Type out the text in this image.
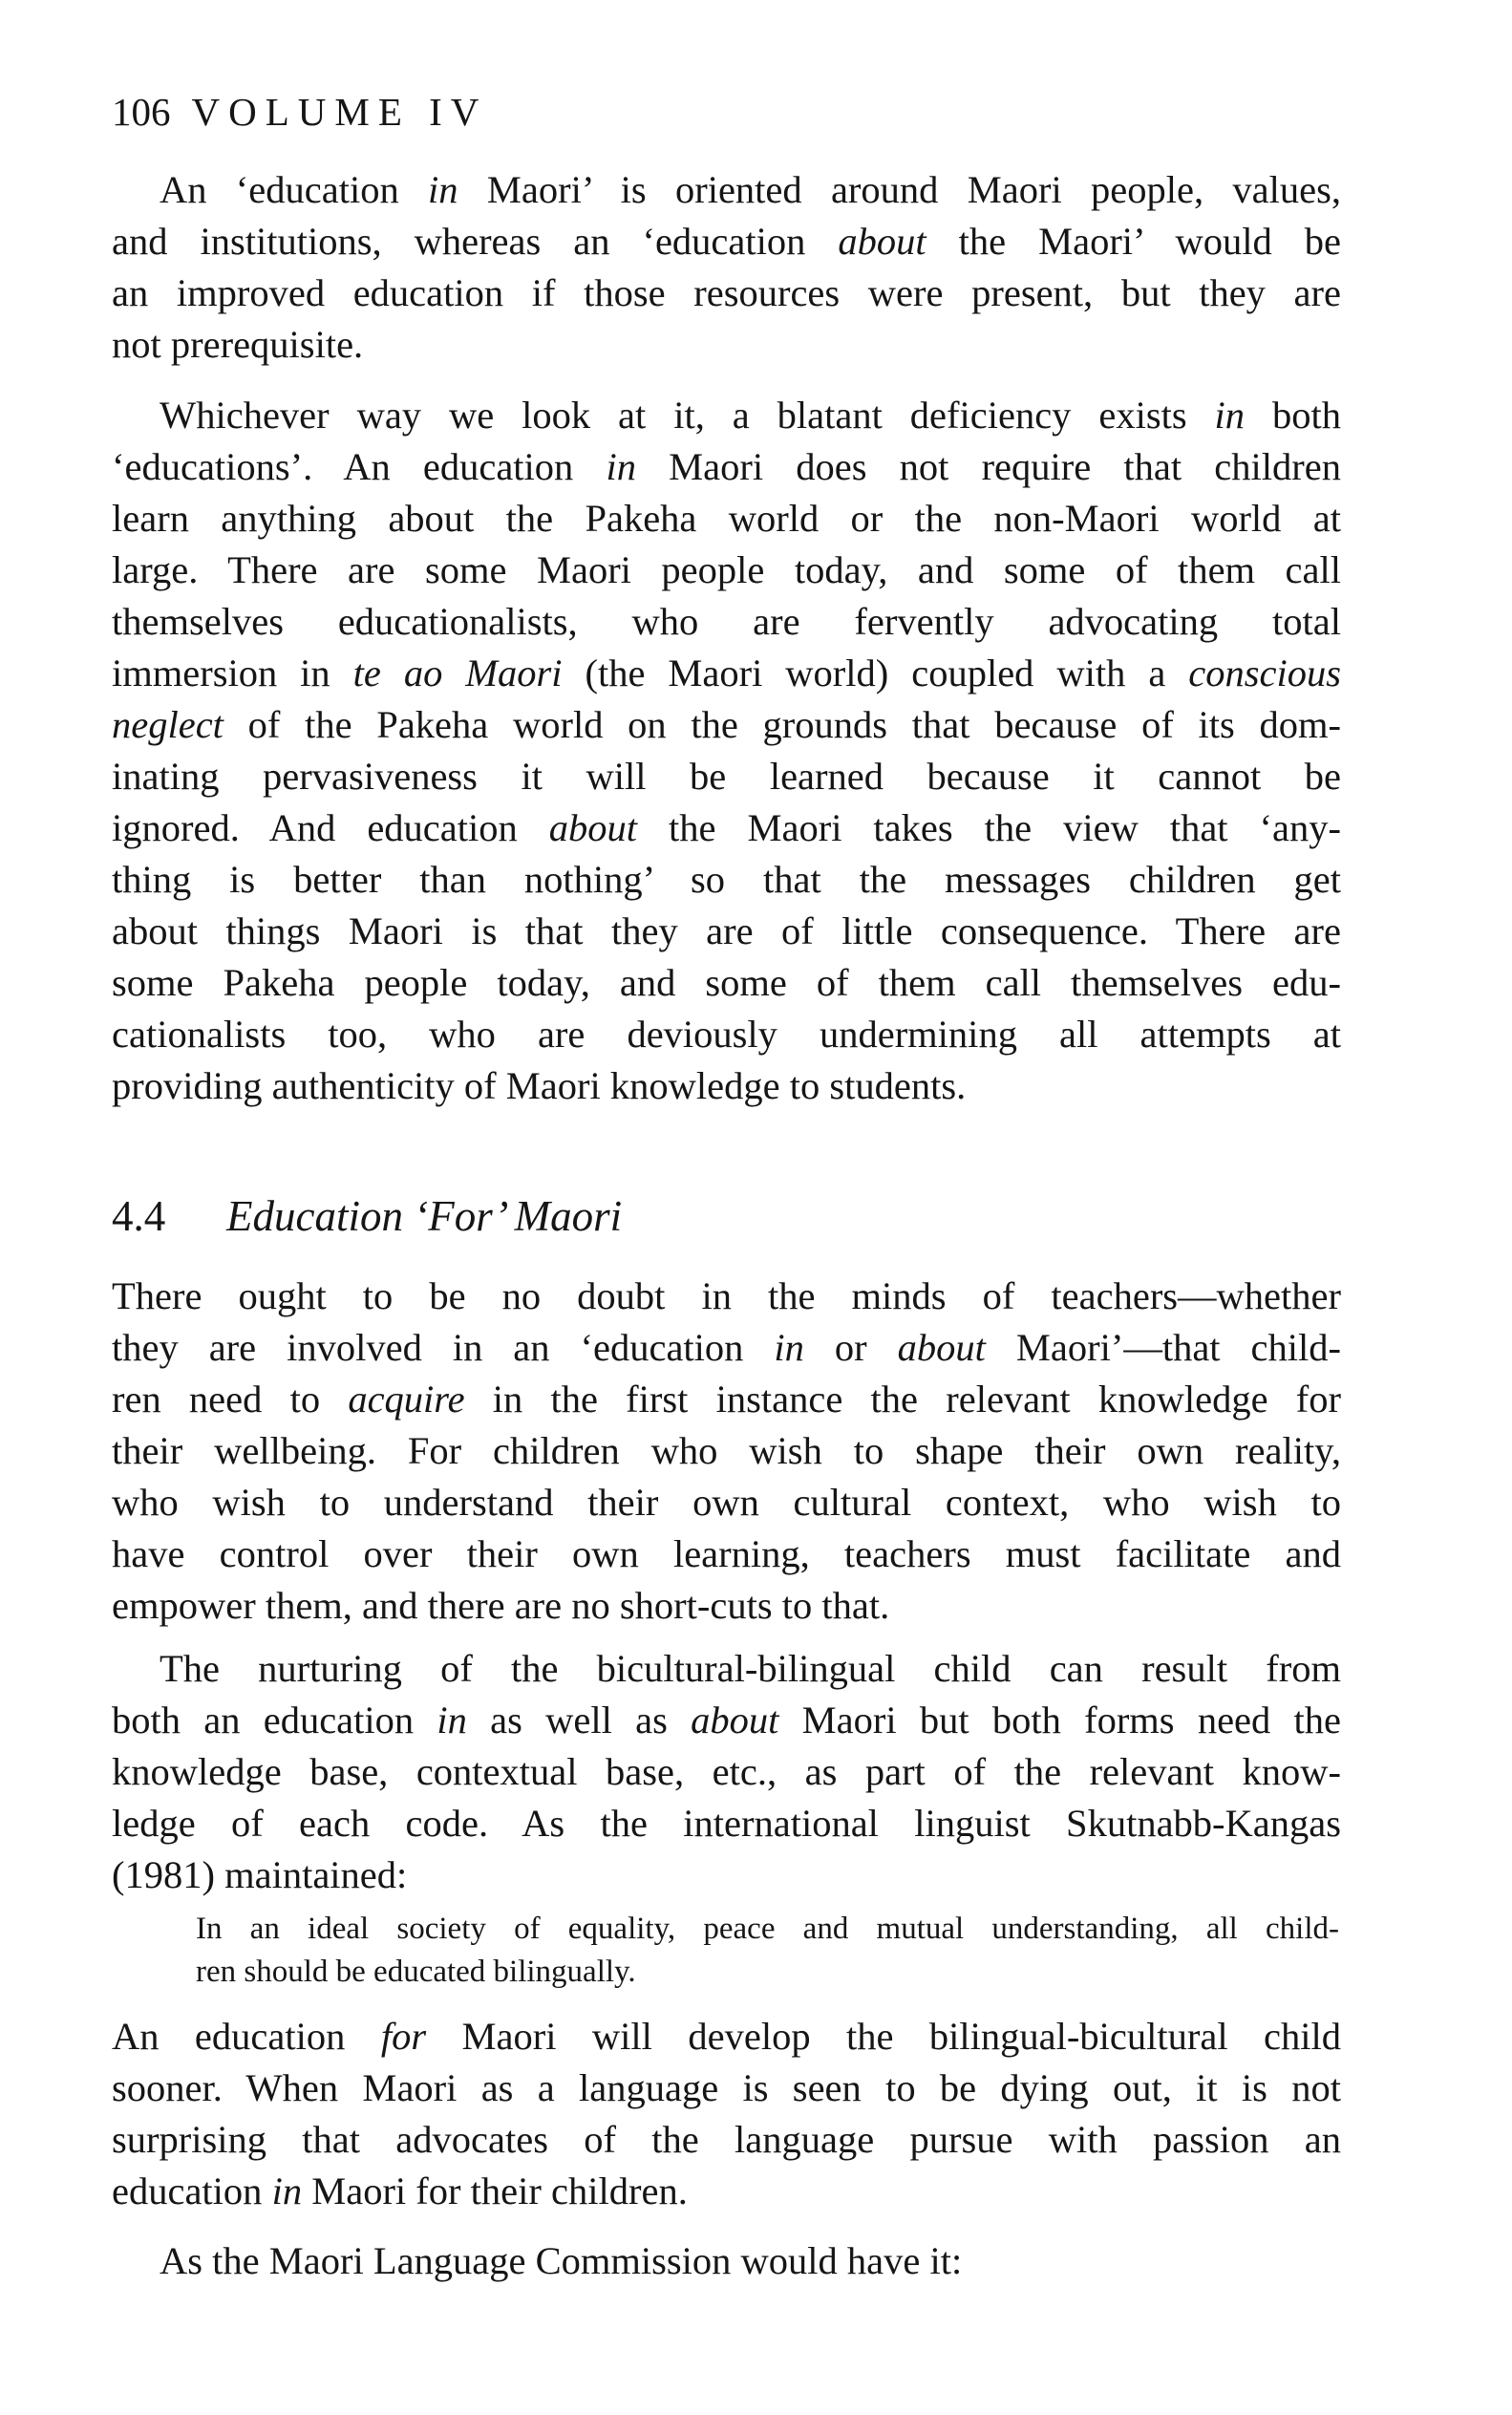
106 VOLUME IV
An ‘education in Maori’ is oriented around Maori people, values,
and institutions, whereas an ‘education about the Maori’ would be
an improved education if those resources were present, but they are
not prerequisite.
Whichever way we look at it, a blatant deficiency exists in both
‘educations’. An education in Maori does not require that children
learn anything about the Pakeha world or the non-Maori world at
large. There are some Maori people today, and some of them call
themselves educationalists, who are fervently advocating total
immersion in te ao Maori (the Maori world) coupled with a conscious
neglect of the Pakeha world on the grounds that because of its dom-
inating pervasiveness it will be learned because it cannot be
ignored. And education about the Maori takes the view that ‘any-
thing is better than nothing’ so that the messages children get
about things Maori is that they are of little consequence. There are
some Pakeha people today, and some of them call themselves edu-
cationalists too, who are deviously undermining all attempts at
providing authenticity of Maori knowledge to students.
4.4 Education ‘For’ Maori
There ought to be no doubt in the minds of teachers—whether
they are involved in an ‘education in or about Maori’—that child-
ren need to acquire in the first instance the relevant knowledge for
their wellbeing. For children who wish to shape their own reality,
who wish to understand their own cultural context, who wish to
have control over their own learning, teachers must facilitate and
empower them, and there are no short-cuts to that.
The nurturing of the bicultural-bilingual child can result from
both an education in as well as about Maori but both forms need the
knowledge base, contextual base, etc., as part of the relevant know-
ledge of each code. As the international linguist Skutnabb-Kangas
(1981) maintained:
In an ideal society of equality, peace and mutual understanding, all child-
ren should be educated bilingually.
An education for Maori will develop the bilingual-bicultural child
sooner. When Maori as a language is seen to be dying out, it is not
surprising that advocates of the language pursue with passion an
education in Maori for their children.
As the Maori Language Commission would have it:
